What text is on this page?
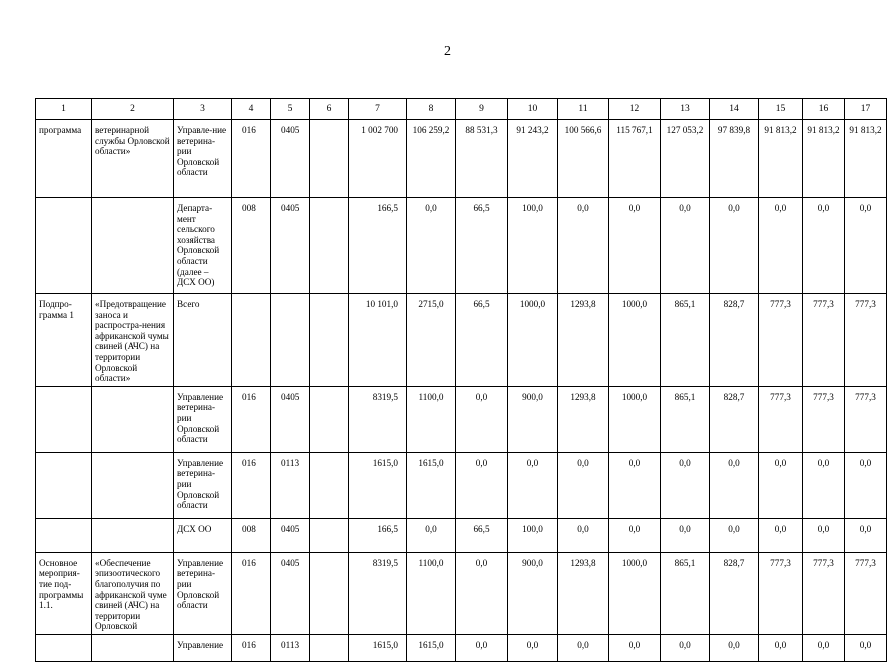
2
1	2	3	4	5	6	7	8	9	10	11	12	13	14	15	16	17
программа	ветеринарной службы Орловской области»	Управле-ние ветерина-рии Орловской области	016	0405		1 002 700	106 259,2	88 531,3	91 243,2	100 566,6	115 767,1	127 053,2	97 839,8	91 813,2	91 813,2	91 813,2
		Департа-мент сельского хозяйства Орловской области (далее – ДСХ ОО)	008	0405		166,5	0,0	66,5	100,0	0,0	0,0	0,0	0,0	0,0	0,0	0,0
Подпро-грамма 1	«Предотвращение заноса и распростра-нения африканской чумы свиней (АЧС) на территории Орловской области»	Всего				10 101,0	2715,0	66,5	1000,0	1293,8	1000,0	865,1	828,7	777,3	777,3	777,3
		Управление ветерина-рии Орловской области	016	0405		8319,5	1100,0	0,0	900,0	1293,8	1000,0	865,1	828,7	777,3	777,3	777,3
		Управление ветерина-рии Орловской области	016	0113		1615,0	1615,0	0,0	0,0	0,0	0,0	0,0	0,0	0,0	0,0	0,0
		ДСХ ОО	008	0405		166,5	0,0	66,5	100,0	0,0	0,0	0,0	0,0	0,0	0,0	0,0
Основное мероприя-тие под-программы 1.1.	«Обеспечение эпизоотического благополучия по африканской чуме свиней (АЧС) на территории Орловской	Управление ветерина-рии Орловской области	016	0405		8319,5	1100,0	0,0	900,0	1293,8	1000,0	865,1	828,7	777,3	777,3	777,3
		Управление	016	0113		1615,0	1615,0	0,0	0,0	0,0	0,0	0,0	0,0	0,0	0,0	0,0
